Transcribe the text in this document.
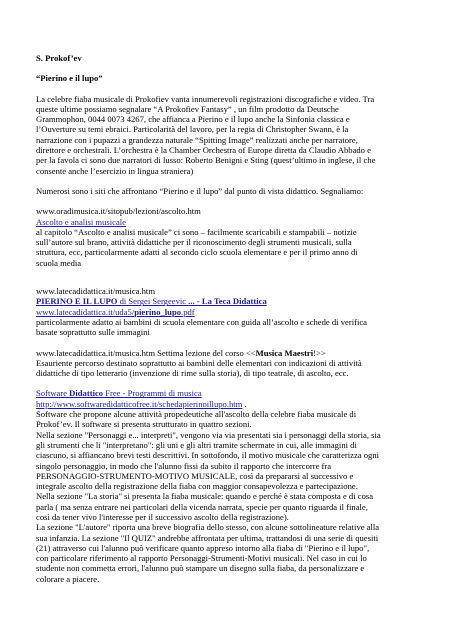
S. Prokof’ev

“Pierino e il lupo”

La celebre fiaba musicale di Prokofiev vanta innumerevoli registrazioni discografiche e video. Tra

queste ultime possiamo segnalare “A Prokofiev Fantasy” , un film prodotto da Deutsche

Grammophon, 0044 0073 4267, che affianca a Pierino e il lupo anche la Sinfonia classica e

l’Ouverture su temi ebraici. Particolarità del lavoro, per la regia di Christopher Swann, è la

narrazione con i pupazzi a grandezza naturale “Spitting Image” realizzati anche per narratore,

direttore e orchestrali. L’orchestra è la Chamber Orchestra of Europe diretta da Claudio Abbado e

per la favola ci sono due narratori di lusso: Roberto Benigni e Sting (quest’ultimo in inglese, il che

consente anche l’esercizio in lingua straniera)

Numerosi sono i siti che affrontano “Pierino e il lupo” dal punto di vista didattico. Segnaliamo:

www.oradimusica.it/sitopub/lezioni/ascolto.htm

Ascolto e analisi musicale

al capitolo “Ascolto e analisi musicale” ci sono – facilmente scaricabili e stampabili – notizie

sull’autore sul brano, attività didattiche per il riconoscimento degli strumenti musicali, sulla

struttura, ecc, particolarmente adatti al secondo ciclo scuola elementare e per il primo anno di

scuola media

www.latecadidattica.it/musica.htm

PIERINO E IL LUPO di Sergei Sergeevic ... - La Teca Didattica

www.latecadidattica.it/uda5/pierino_lupo.pdf

particolarmente adatto ai bambini di scuola elementare con guida all’ascolto e schede di verifica

basate soprattutto sulle immagini

www.latecadidattica.it/musica.htm Settima lezione del corso <<Musica Maestri!>>

Esauriente percorso destinato soprattutto ai bambini delle elementari con indicazioni di attività

didattiche di tipo letterario (invenzione di rime sulla storia), di tipo teatrale, di ascolto, ecc.

Software Didattico Free - Programmi di musica

http://www.softwaredidatticofree.it/schedapierinoillupo.htm .

Software che propone alcune attività propedeutiche all'ascolto della celebre fiaba musicale di

Prokof’ev. Il software si presenta strutturato in quattro sezioni.

Nella sezione "Personaggi e... interpreti", vengono via via presentati sia i personaggi della storia, sia

gli strumenti che li "interpretano": gli uni e gli altri tramite schermate in cui, alle immagini di

ciascuno, si affiancano brevi testi descrittivi. In sottofondo, il motivo musicale che caratterizza ogni

singolo personaggio, in modo che l'alunno fissi da subito il rapporto che intercorre fra

PERSONAGGIO-STRUMENTO-MOTIVO MUSICALE, così da prepararsi al successivo e

integrale ascolto della registrazione della fiaba con maggior consapevolezza e partecipazione.

Nella sezione "La storia" si presenta la fiaba musicale: quando e perché è stata composta e di cosa

parla ( ma senza entrare nei particolari della vicenda narrata, specie per quanto riguarda il finale,

così da tener vivo l'interesse per il successivo ascolto della registrazione).

La sezione "L'autore" riporta una breve biografia dello stesso, con alcune sottolineature relative alla

sua infanzia. La sezione "Il QUIZ" andrebbe affrontata per ultima, trattandosi di una serie di quesiti

(21) attraverso cui l'alunno può verificare quanto appreso intorno alla fiaba di "Pierino e il lupo",

con particolare riferimento al rapporto Personaggi-Strumenti-Motivi musicali. Nel caso in cui lo

studente non commetta errori, l'alunno può stampare un disegno sulla fiaba, da personalizzare e

colorare a piacere.
